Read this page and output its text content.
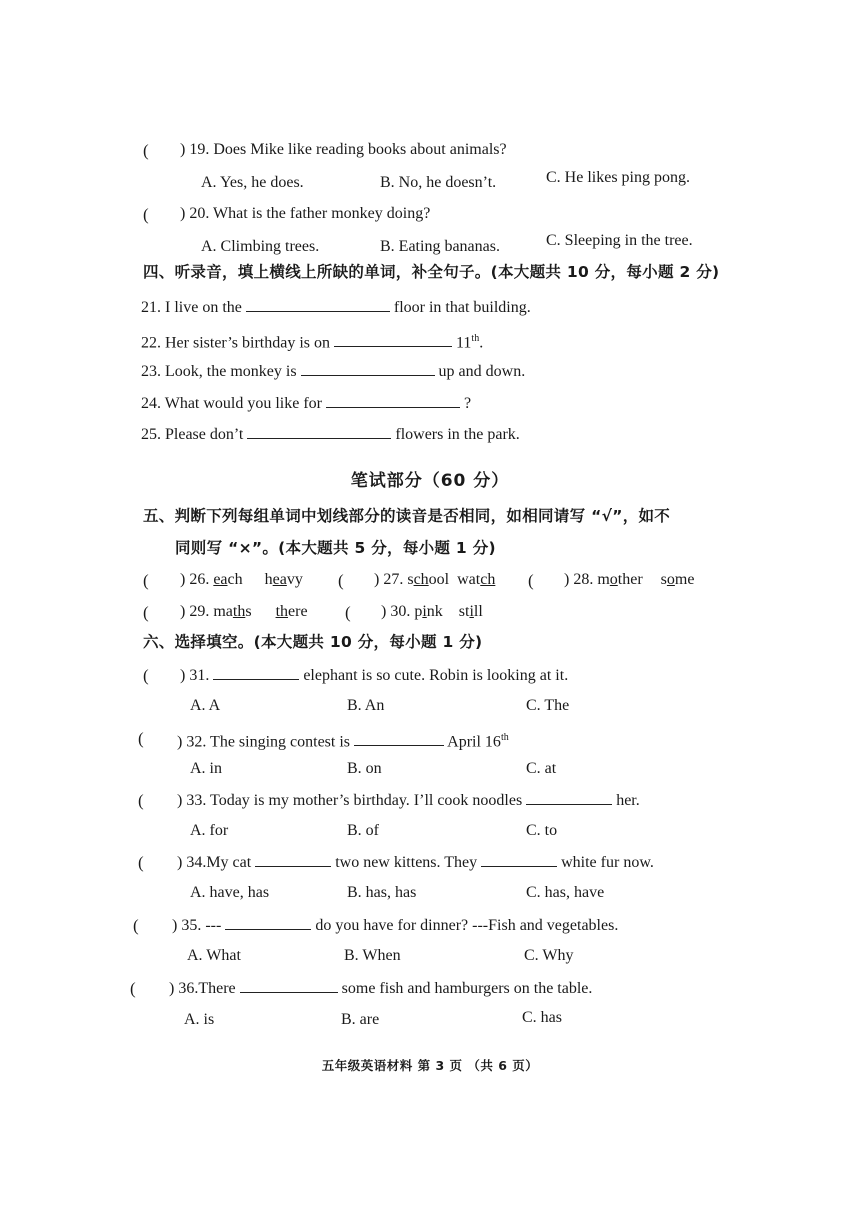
( ) 19. Does Mike like reading books about animals?
A. Yes, he does.	B. No, he doesn’t.	C. He likes ping pong.
( ) 20. What is the father monkey doing?
A. Climbing trees.	B. Eating bananas.	C. Sleeping in the tree.
四、听录音，填上横线上所缺的单词，补全句子。(本大题共 10 分，每小题 2 分)
21. I live on the	floor in that building.
22. Her sister’s birthday is on	11th.
23. Look, the monkey is	up and down.
24. What would you like for	?
25. Please don’t	flowers in the park.
笔试部分（60 分）
五、判断下列每组单词中划线部分的读音是否相同，如相同请写 “√”，如不
同则写 “×”。(本大题共 5 分，每小题 1 分)
( ) 26. each heavy ( ) 27. school watch ( ) 28. mother some
( ) 29. maths there ( ) 30. pink still
六、选择填空。(本大题共 10 分，每小题 1 分)
( ) 31.	elephant is so cute. Robin is looking at it.
A. A	B. An	C. The
( ) 32. The singing contest is	April 16th
A. in	B. on	C. at
( ) 33. Today is my mother’s birthday. I’ll cook noodles	her.
A. for	B. of	C. to
( ) 34.My cat	two new kittens. They	white fur now.
A. have, has	B. has, has	C. has, have
( ) 35. ---	do you have for dinner? ---Fish and vegetables.
A. What	B. When	C. Why
( ) 36.There	some fish and hamburgers on the table.
A. is	B. are	C. has
五年级英语材料 第 3 页 （共 6 页）
